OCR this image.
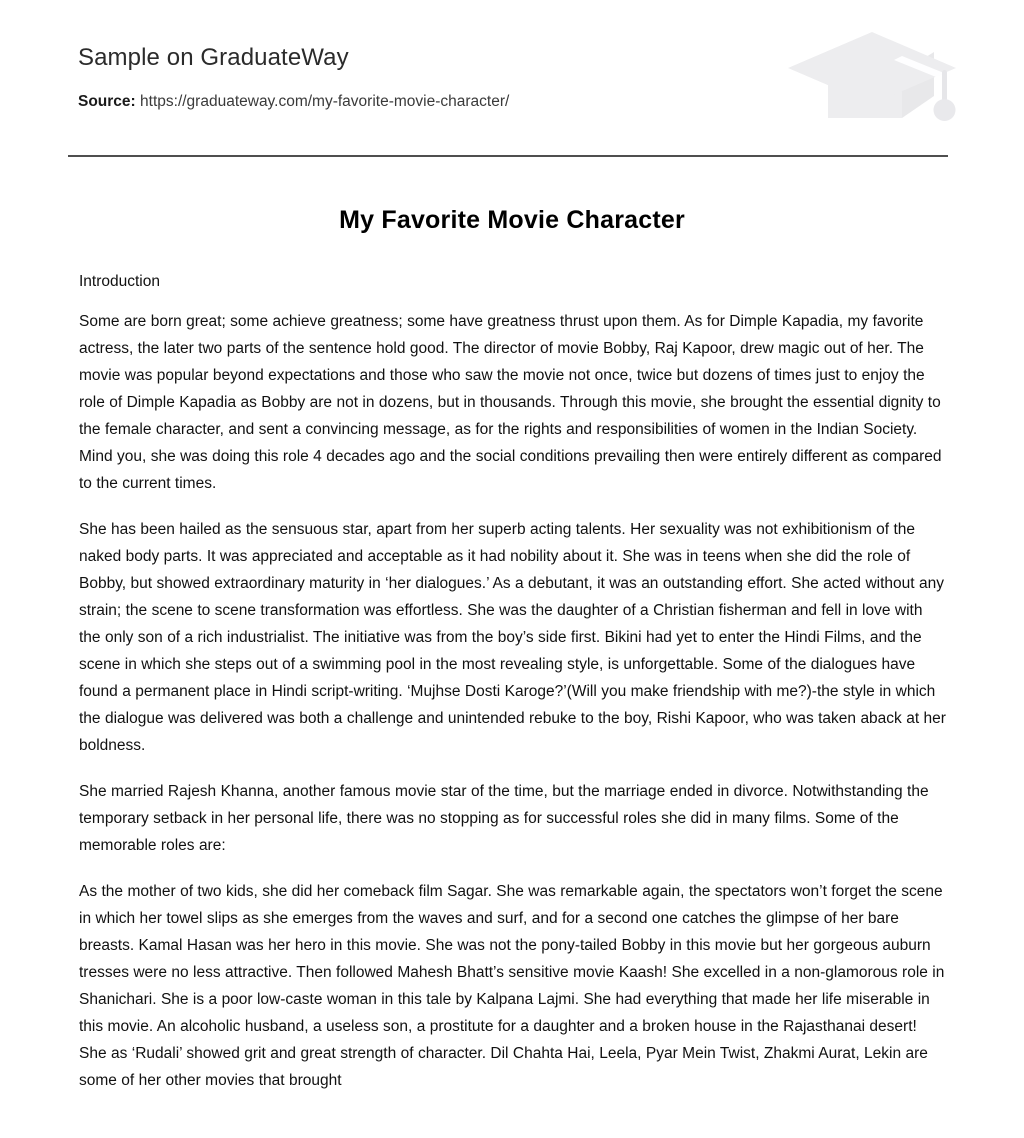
Sample on GraduateWay
Source: https://graduateway.com/my-favorite-movie-character/
My Favorite Movie Character

Introduction

Some are born great; some achieve greatness; some have greatness thrust upon them. As for Dimple Kapadia, my favorite actress, the later two parts of the sentence hold good. The director of movie Bobby, Raj Kapoor, drew magic out of her. The movie was popular beyond expectations and those who saw the movie not once, twice but dozens of times just to enjoy the role of Dimple Kapadia as Bobby are not in dozens, but in thousands. Through this movie, she brought the essential dignity to the female character, and sent a convincing message, as for the rights and responsibilities of women in the Indian Society. Mind you, she was doing this role 4 decades ago and the social conditions prevailing then were entirely different as compared to the current times.

She has been hailed as the sensuous star, apart from her superb acting talents. Her sexuality was not exhibitionism of the naked body parts. It was appreciated and acceptable as it had nobility about it. She was in teens when she did the role of Bobby, but showed extraordinary maturity in ‘her dialogues.’ As a debutant, it was an outstanding effort. She acted without any strain; the scene to scene transformation was effortless. She was the daughter of a Christian fisherman and fell in love with the only son of a rich industrialist. The initiative was from the boy’s side first. Bikini had yet to enter the Hindi Films, and the scene in which she steps out of a swimming pool in the most revealing style, is unforgettable. Some of the dialogues have found a permanent place in Hindi script-writing. ‘Mujhse Dosti Karoge?’(Will you make friendship with me?)-the style in which the dialogue was delivered was both a challenge and unintended rebuke to the boy, Rishi Kapoor, who was taken aback at her boldness.

She married Rajesh Khanna, another famous movie star of the time, but the marriage ended in divorce. Notwithstanding the temporary setback in her personal life, there was no stopping as for successful roles she did in many films. Some of the memorable roles are:

As the mother of two kids, she did her comeback film Sagar. She was remarkable again, the spectators won’t forget the scene in which her towel slips as she emerges from the waves and surf, and for a second one catches the glimpse of her bare breasts. Kamal Hasan was her hero in this movie. She was not the pony-tailed Bobby in this movie but her gorgeous auburn tresses were no less attractive. Then followed Mahesh Bhatt’s sensitive movie Kaash! She excelled in a non-glamorous role in Shanichari. She is a poor low-caste woman in this tale by Kalpana Lajmi. She had everything that made her life miserable in this movie. An alcoholic husband, a useless son, a prostitute for a daughter and a broken house in the Rajasthanai desert! She as ‘Rudali’ showed grit and great strength of character. Dil Chahta Hai, Leela, Pyar Mein Twist, Zhakmi Aurat, Lekin are some of her other movies that brought
